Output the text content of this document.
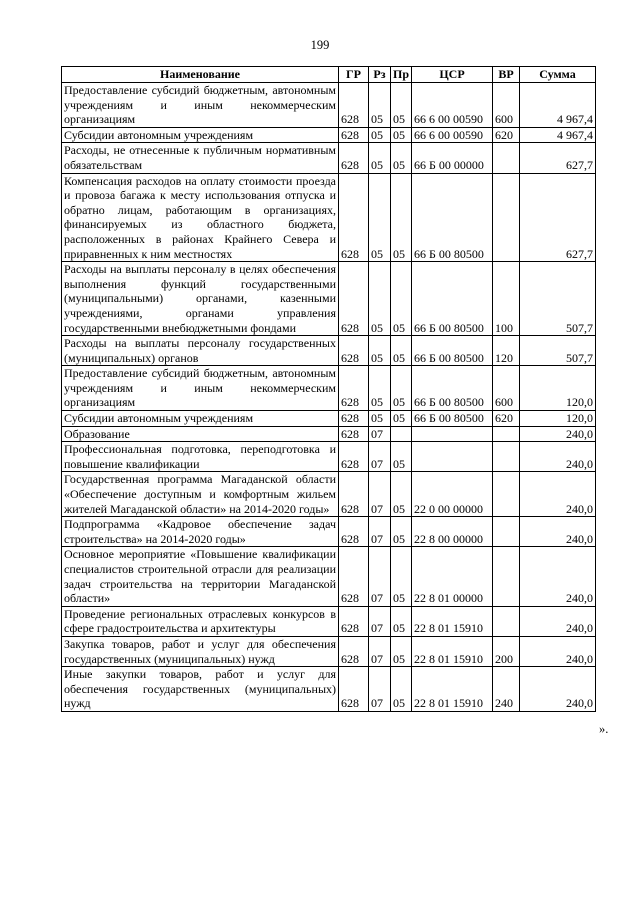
199
Наименование	ГР	Рз	Пр	ЦСР	ВР	Сумма
Предоставление субсидий бюджетным, автономным учреждениям и иным некоммерческим организациям	628	05	05	66 6 00 00590	600	4 967,4
Субсидии автономным учреждениям	628	05	05	66 6 00 00590	620	4 967,4
Расходы, не отнесенные к публичным нормативным обязательствам	628	05	05	66 Б 00 00000		627,7
Компенсация расходов на оплату стоимости проезда и провоза багажа к месту использования отпуска и обратно лицам, работающим в организациях, финансируемых из областного бюджета, расположенных в районах Крайнего Севера и приравненных к ним местностях	628	05	05	66 Б 00 80500		627,7
Расходы на выплаты персоналу в целях обеспечения выполнения функций государственными (муниципальными) органами, казенными учреждениями, органами управления государственными внебюджетными фондами	628	05	05	66 Б 00 80500	100	507,7
Расходы на выплаты персоналу государственных (муниципальных) органов	628	05	05	66 Б 00 80500	120	507,7
Предоставление субсидий бюджетным, автономным учреждениям и иным некоммерческим организациям	628	05	05	66 Б 00 80500	600	120,0
Субсидии автономным учреждениям	628	05	05	66 Б 00 80500	620	120,0
Образование	628	07				240,0
Профессиональная подготовка, переподготовка и повышение квалификации	628	07	05			240,0
Государственная программа Магаданской области «Обеспечение доступным и комфортным жильем жителей Магаданской области» на 2014-2020 годы»	628	07	05	22 0 00 00000		240,0
Подпрограмма «Кадровое обеспечение задач строительства» на 2014-2020 годы»	628	07	05	22 8 00 00000		240,0
Основное мероприятие «Повышение квалификации специалистов строительной отрасли для реализации задач строительства на территории Магаданской области»	628	07	05	22 8 01 00000		240,0
Проведение региональных отраслевых конкурсов в сфере градостроительства и архитектуры	628	07	05	22 8 01 15910		240,0
Закупка товаров, работ и услуг для обеспечения государственных (муниципальных) нужд	628	07	05	22 8 01 15910	200	240,0
Иные закупки товаров, работ и услуг для обеспечения государственных (муниципальных) нужд	628	07	05	22 8 01 15910	240	240,0
».
